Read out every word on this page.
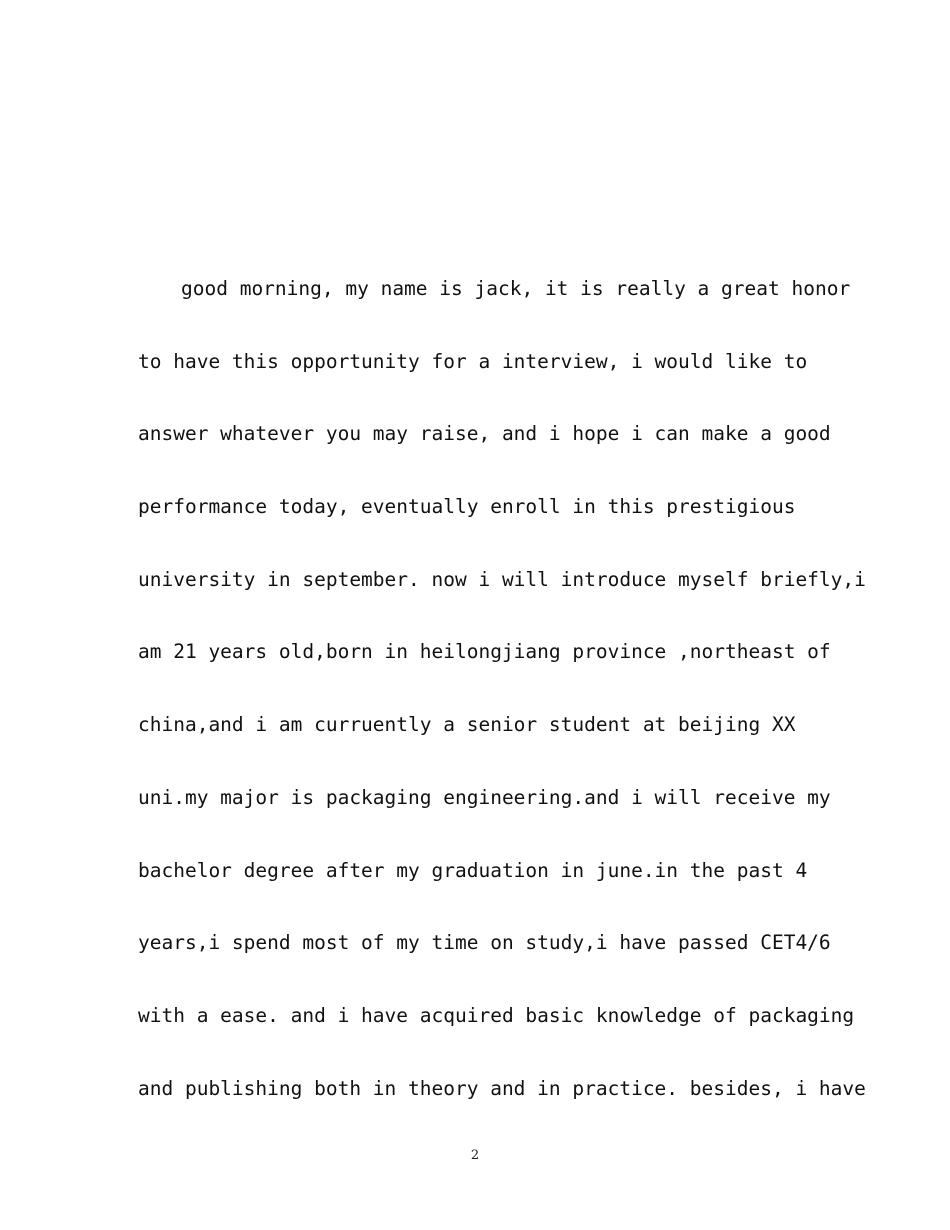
good morning, my name is jack, it is really a great honor
to have this opportunity for a interview, i would like to
answer whatever you may raise, and i hope i can make a good
performance today, eventually enroll in this prestigious
university in september. now i will introduce myself briefly,i
am 21 years old,born in heilongjiang province ,northeast of
china,and i am curruently a senior student at beijing XX
uni.my major is packaging engineering.and i will receive my
bachelor degree after my graduation in june.in the past 4
years,i spend most of my time on study,i have passed CET4/6
with a ease. and i have acquired basic knowledge of packaging
and publishing both in theory and in practice. besides, i have
2
